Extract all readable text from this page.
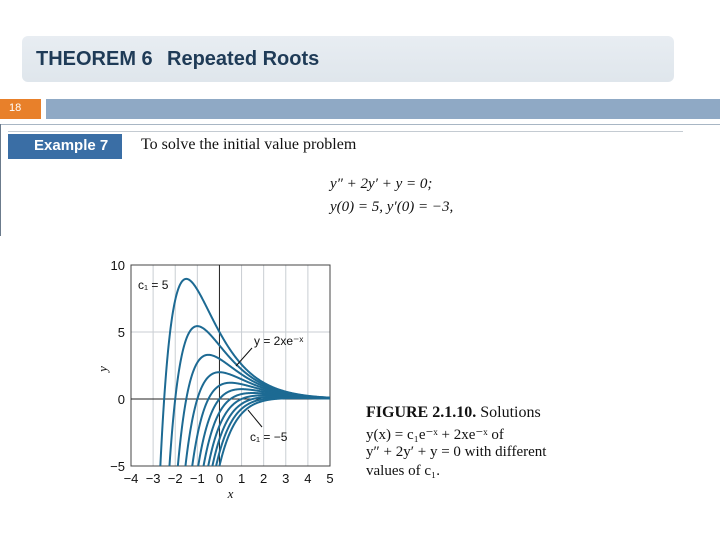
THEOREM 6 Repeated Roots
18
Example 7 To solve the initial value problem
y″ + 2y′ + y = 0;
y(0) = 5, y′(0) = −3,
−4 −3 −2 −1 0 1 2 3 4 5
10
5
0
−5
x
y
c₁ = 5
y = 2xe⁻ˣ
c₁ = −5
FIGURE 2.1.10. Solutions
y(x) = c₁e⁻ˣ + 2xe⁻ˣ of
y″ + 2y′ + y = 0 with different
values of c₁.
